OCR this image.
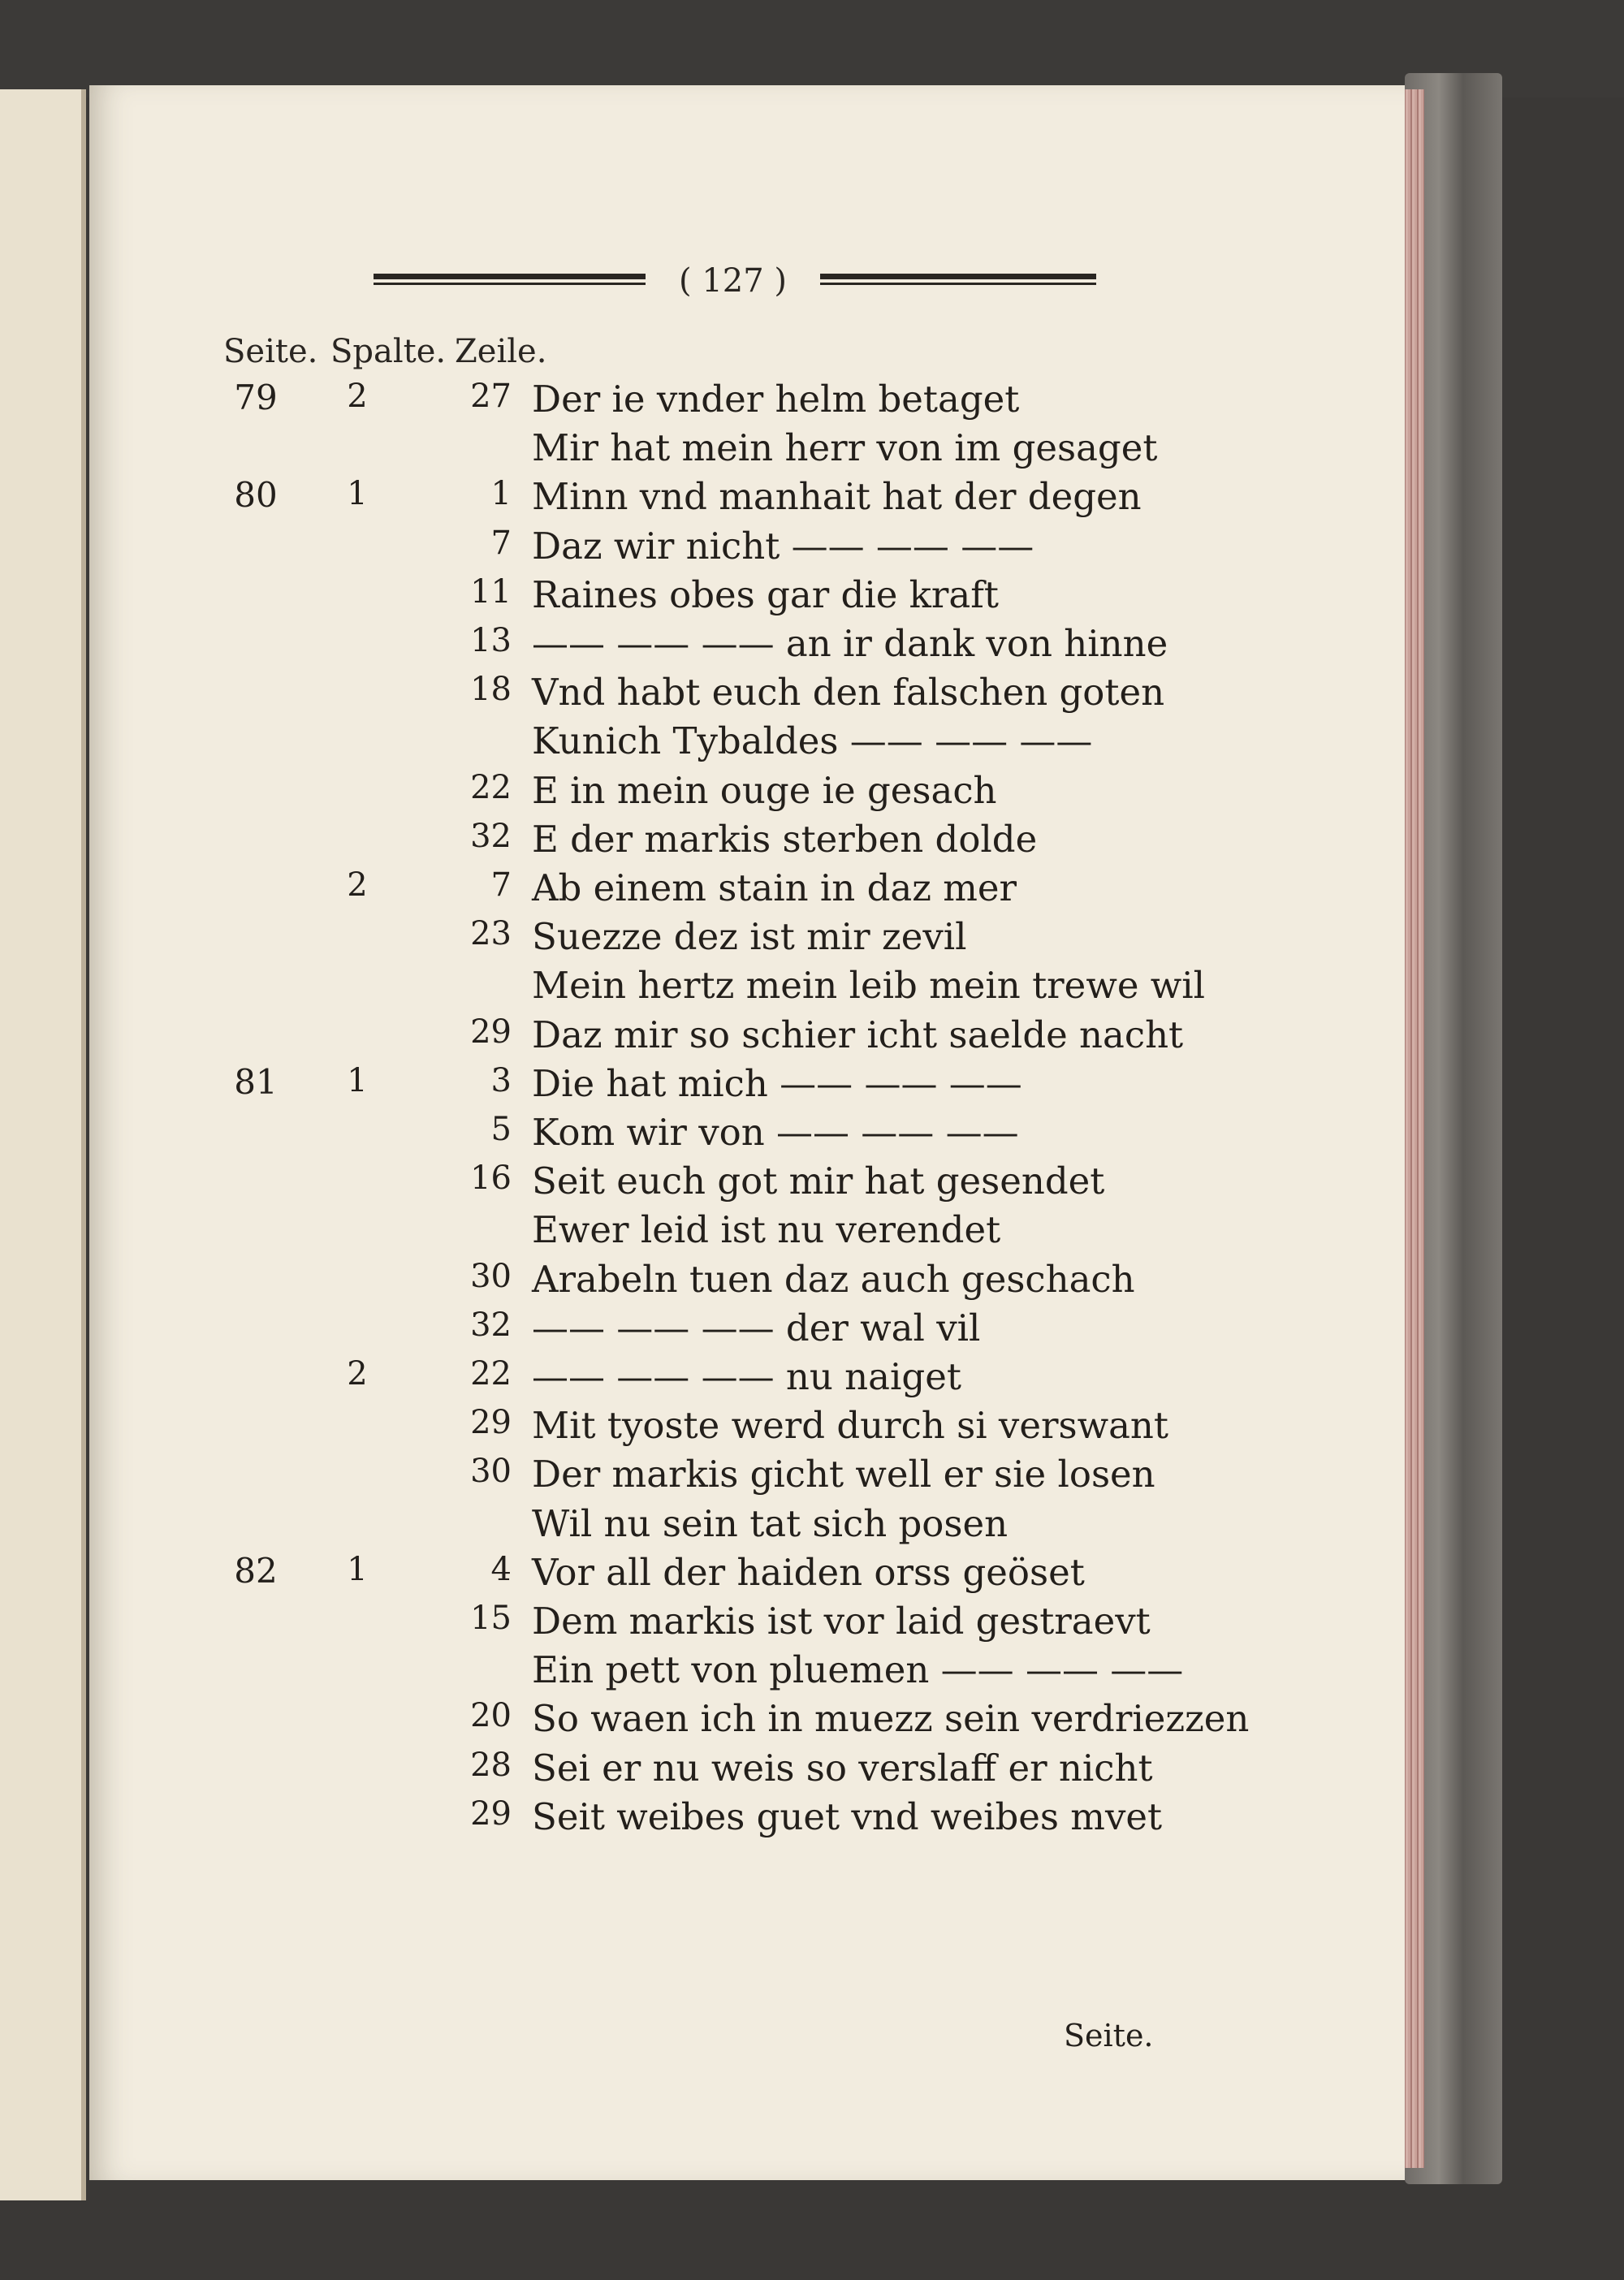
( 127 )
Seite. Spalte. Zeile.
79	2	27 Der ie vnder helm betaget
Mir hat mein herr von im gesaget
80	1	1 Minn vnd manhait hat der degen
7 Daz wir nicht —— —— ——
11 Raines obes gar die kraft
13 —— —— —— an ir dank von hinne
18 Vnd habt euch den falschen goten
Kunich Tybaldes —— —— ——
22 E in mein ouge ie gesach
32 E der markis sterben dolde
2	7 Ab einem stain in daz mer
23 Suezze dez ist mir zevil
Mein hertz mein leib mein trewe wil
29 Daz mir so schier icht saelde nacht
81	1	3 Die hat mich —— —— ——
5 Kom wir von —— —— ——
16 Seit euch got mir hat gesendet
Ewer leid ist nu verendet
30 Arabeln tuen daz auch geschach
32 —— —— —— der wal vil
2	22 —— —— —— nu naiget
29 Mit tyoste werd durch si verswant
30 Der markis gicht well er sie losen
Wil nu sein tat sich posen
82	1	4 Vor all der haiden orss geöset
15 Dem markis ist vor laid gestraevt
Ein pett von pluemen —— —— ——
20 So waen ich in muezz sein verdriezzen
28 Sei er nu weis so verslaff er nicht
29 Seit weibes guet vnd weibes mvet
Seite.
